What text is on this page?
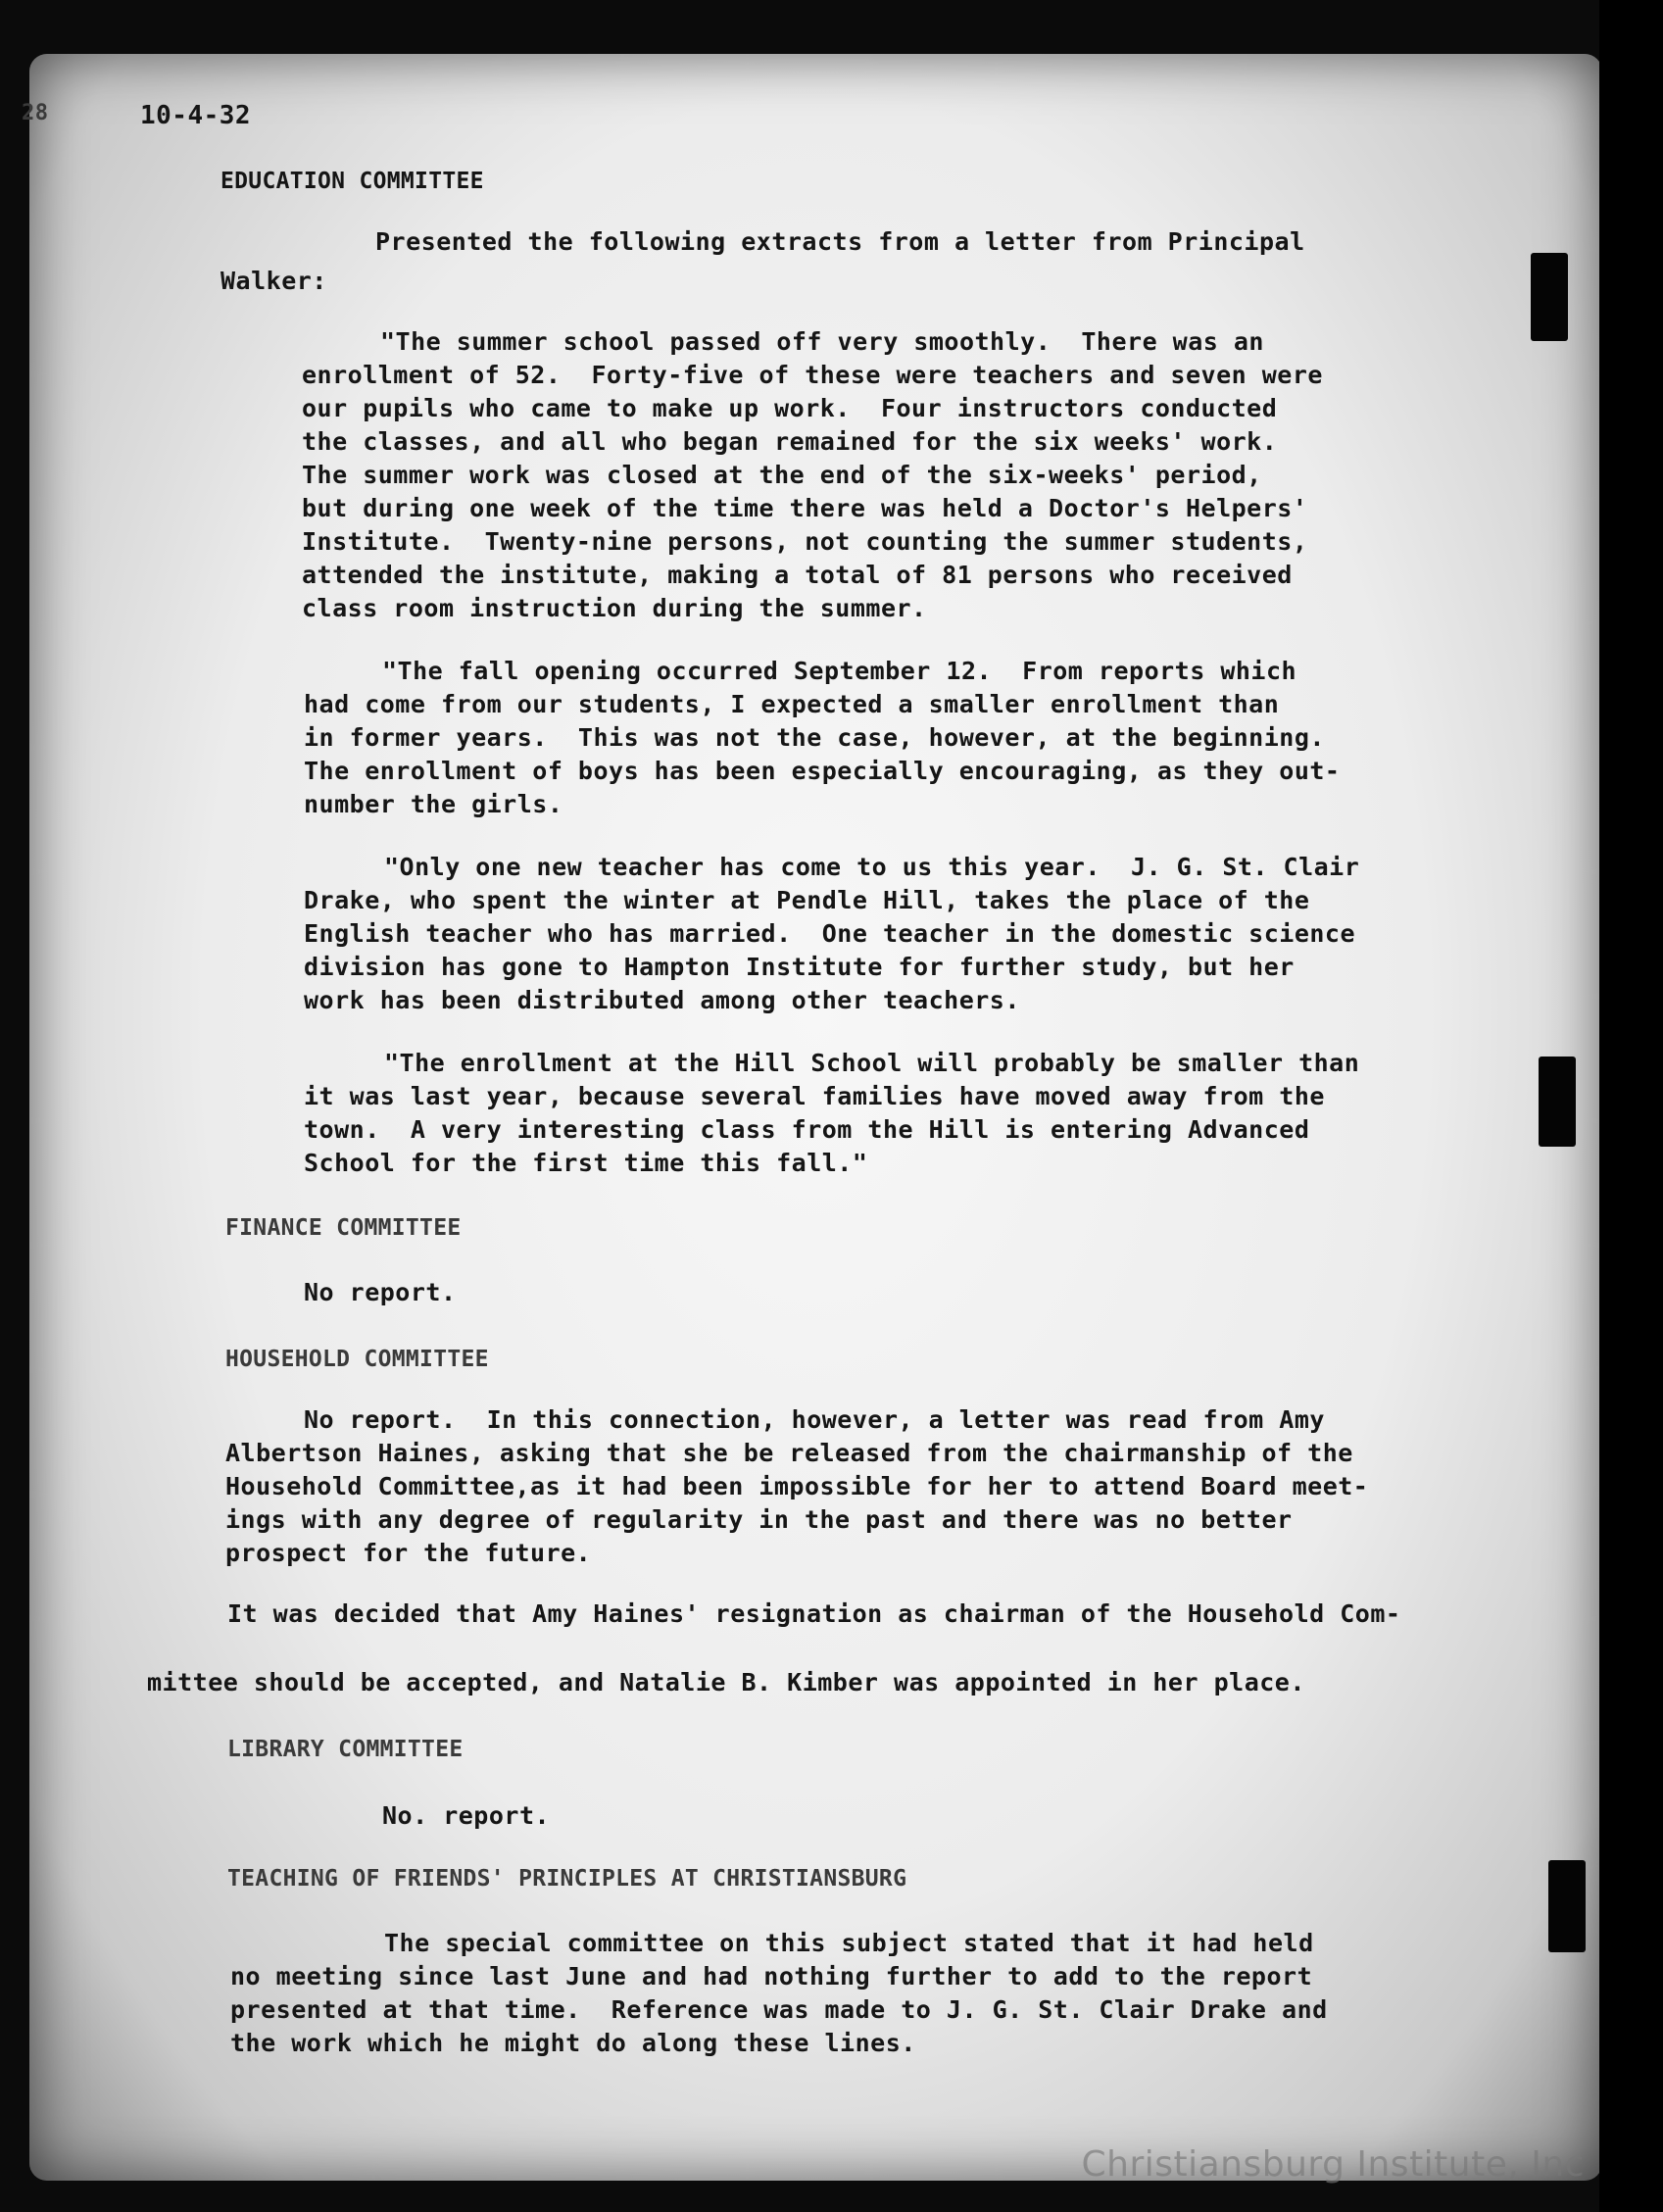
28	10-4-32
EDUCATION COMMITTEE
Presented the following extracts from a letter from Principal
Walker:
"The summer school passed off very smoothly.  There was an
enrollment of 52.  Forty-five of these were teachers and seven were
our pupils who came to make up work.  Four instructors conducted
the classes, and all who began remained for the six weeks' work.
The summer work was closed at the end of the six-weeks' period,
but during one week of the time there was held a Doctor's Helpers'
Institute.  Twenty-nine persons, not counting the summer students,
attended the institute, making a total of 81 persons who received
class room instruction during the summer.
"The fall opening occurred September 12.  From reports which
had come from our students, I expected a smaller enrollment than
in former years.  This was not the case, however, at the beginning.
The enrollment of boys has been especially encouraging, as they out-
number the girls.
"Only one new teacher has come to us this year.  J. G. St. Clair
Drake, who spent the winter at Pendle Hill, takes the place of the
English teacher who has married.  One teacher in the domestic science
division has gone to Hampton Institute for further study, but her
work has been distributed among other teachers.
"The enrollment at the Hill School will probably be smaller than
it was last year, because several families have moved away from the
town.  A very interesting class from the Hill is entering Advanced
School for the first time this fall."
FINANCE COMMITTEE
No report.
HOUSEHOLD COMMITTEE
No report.  In this connection, however, a letter was read from Amy
Albertson Haines, asking that she be released from the chairmanship of the
Household Committee,as it had been impossible for her to attend Board meet-
ings with any degree of regularity in the past and there was no better
prospect for the future.
It was decided that Amy Haines' resignation as chairman of the Household Com-
mittee should be accepted, and Natalie B. Kimber was appointed in her place.
LIBRARY COMMITTEE
No. report.
TEACHING OF FRIENDS' PRINCIPLES AT CHRISTIANSBURG
The special committee on this subject stated that it had held
no meeting since last June and had nothing further to add to the report
presented at that time.  Reference was made to J. G. St. Clair Drake and
the work which he might do along these lines.
Christiansburg Institute, Inc
